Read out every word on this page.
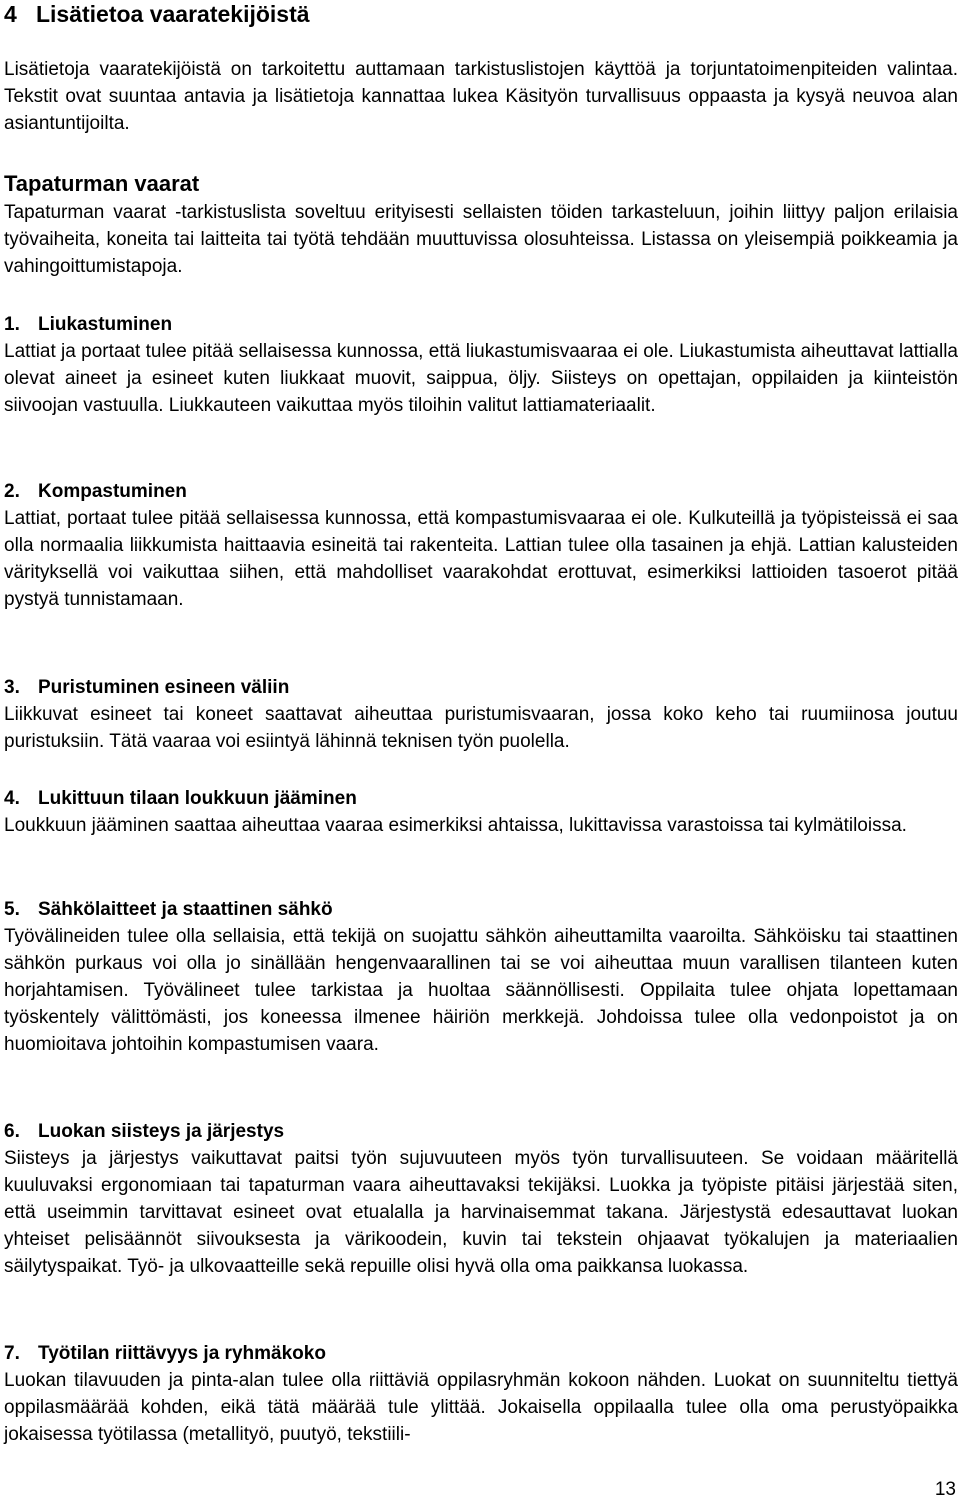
4 Lisätietoa vaaratekijöistä

Lisätietoja vaaratekijöistä on tarkoitettu auttamaan tarkistuslistojen käyttöä ja torjuntatoimenpiteiden valintaa. Tekstit ovat suuntaa antavia ja lisätietoja kannattaa lukea Käsityön turvallisuus oppaasta ja kysyä neuvoa alan asiantuntijoilta.

Tapaturman vaarat

Tapaturman vaarat -tarkistuslista soveltuu erityisesti sellaisten töiden tarkasteluun, joihin liittyy paljon erilaisia työvaiheita, koneita tai laitteita tai työtä tehdään muuttuvissa olosuhteissa. Listassa on yleisempiä poikkeamia ja vahingoittumistapoja.

1. Liukastuminen
Lattiat ja portaat tulee pitää sellaisessa kunnossa, että liukastumisvaaraa ei ole. Liukastumista aiheuttavat lattialla olevat aineet ja esineet kuten liukkaat muovit, saippua, öljy. Siisteys on opettajan, oppilaiden ja kiinteistön siivoojan vastuulla. Liukkauteen vaikuttaa myös tiloihin valitut lattiamateriaalit.
2. Kompastuminen
Lattiat, portaat tulee pitää sellaisessa kunnossa, että kompastumisvaaraa ei ole. Kulkuteillä ja työpisteissä ei saa olla normaalia liikkumista haittaavia esineitä tai rakenteita. Lattian tulee olla tasainen ja ehjä. Lattian kalusteiden värityksellä voi vaikuttaa siihen, että mahdolliset vaarakohdat erottuvat, esimerkiksi lattioiden tasoerot pitää pystyä tunnistamaan.
3. Puristuminen esineen väliin
Liikkuvat esineet tai koneet saattavat aiheuttaa puristumisvaaran, jossa koko keho tai ruumiinosa joutuu puristuksiin. Tätä vaaraa voi esiintyä lähinnä teknisen työn puolella.
4. Lukittuun tilaan loukkuun jääminen
Loukkuun jääminen saattaa aiheuttaa vaaraa esimerkiksi ahtaissa, lukittavissa varastoissa tai kylmätiloissa.
5. Sähkölaitteet ja staattinen sähkö
Työvälineiden tulee olla sellaisia, että tekijä on suojattu sähkön aiheuttamilta vaaroilta. Sähköisku tai staattinen sähkön purkaus voi olla jo sinällään hengenvaarallinen tai se voi aiheuttaa muun varallisen tilanteen kuten horjahtamisen. Työvälineet tulee tarkistaa ja huoltaa säännöllisesti. Oppilaita tulee ohjata lopettamaan työskentely välittömästi, jos koneessa ilmenee häiriön merkkejä. Johdoissa tulee olla vedonpoistot ja on huomioitava johtoihin kompastumisen vaara.
6. Luokan siisteys ja järjestys
Siisteys ja järjestys vaikuttavat paitsi työn sujuvuuteen myös työn turvallisuuteen. Se voidaan määritellä kuuluvaksi ergonomiaan tai tapaturman vaara aiheuttavaksi tekijäksi. Luokka ja työpiste pitäisi järjestää siten, että useimmin tarvittavat esineet ovat etualalla ja harvinaisemmat takana. Järjestystä edesauttavat luokan yhteiset pelisäännöt siivouksesta ja värikoodein, kuvin tai tekstein ohjaavat työkalujen ja materiaalien säilytyspaikat. Työ- ja ulkovaatteille sekä repuille olisi hyvä olla oma paikkansa luokassa.
7. Työtilan riittävyys ja ryhmäkoko
Luokan tilavuuden ja pinta-alan tulee olla riittäviä oppilasryhmän kokoon nähden. Luokat on suunniteltu tiettyä oppilasmäärää kohden, eikä tätä määrää tule ylittää. Jokaisella oppilaalla tulee olla oma perustyöpaikka jokaisessa työtilassa (metallityö, puutyö, tekstiili-
13
